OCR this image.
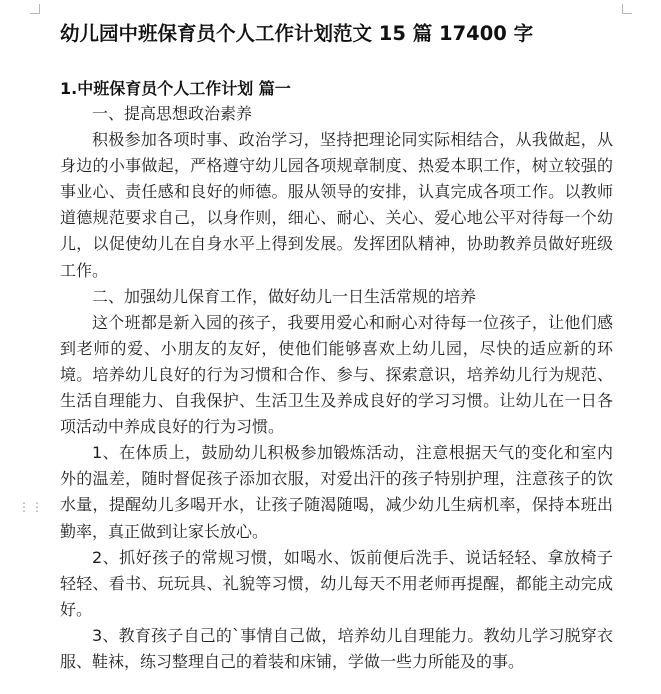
⋮⋮
幼儿园中班保育员个人工作计划范文 15 篇 17400 字
1.中班保育员个人工作计划 篇一

一、提高思想政治素养

积极参加各项时事、政治学习，坚持把理论同实际相结合，从我做起，从身边的小事做起，严格遵守幼儿园各项规章制度、热爱本职工作，树立较强的事业心、责任感和良好的师德。服从领导的安排，认真完成各项工作。以教师道德规范要求自己，以身作则，细心、耐心、关心、爱心地公平对待每一个幼儿，以促使幼儿在自身水平上得到发展。发挥团队精神，协助教养员做好班级工作。

二、加强幼儿保育工作，做好幼儿一日生活常规的培养

这个班都是新入园的孩子，我要用爱心和耐心对待每一位孩子，让他们感到老师的爱、小朋友的友好，使他们能够喜欢上幼儿园，尽快的适应新的环境。培养幼儿良好的行为习惯和合作、参与、探索意识，培养幼儿行为规范、生活自理能力、自我保护、生活卫生及养成良好的学习习惯。让幼儿在一日各项活动中养成良好的行为习惯。

1、在体质上，鼓励幼儿积极参加锻炼活动，注意根据天气的变化和室内外的温差，随时督促孩子添加衣服，对爱出汗的孩子特别护理，注意孩子的饮水量，提醒幼儿多喝开水，让孩子随渴随喝，减少幼儿生病机率，保持本班出勤率，真正做到让家长放心。

2、抓好孩子的常规习惯，如喝水、饭前便后洗手、说话轻轻、拿放椅子轻轻、看书、玩玩具、礼貌等习惯，幼儿每天不用老师再提醒，都能主动完成好。

3、教育孩子自己的`事情自己做，培养幼儿自理能力。教幼儿学习脱穿衣服、鞋袜，练习整理自己的着装和床铺，学做一些力所能及的事。
